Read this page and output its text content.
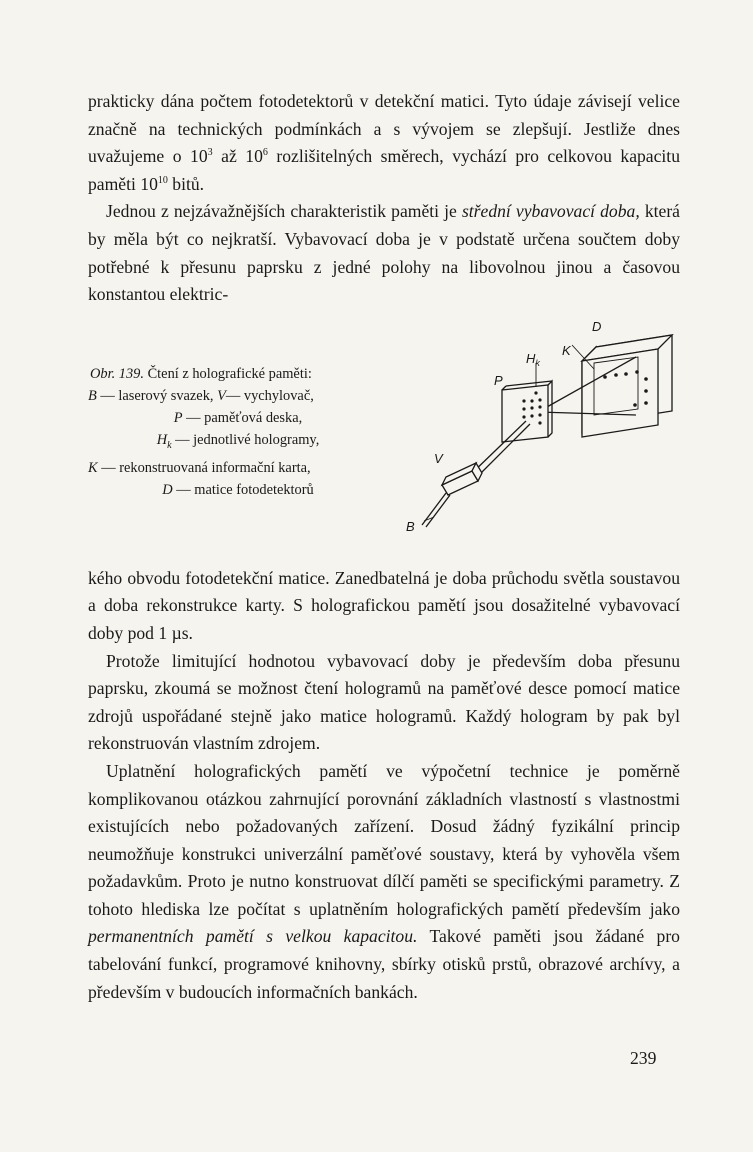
prakticky dána počtem fotodetektorů v detekční matici. Tyto údaje závisejí velice značně na technických podmínkách a s vývojem se zlepšují. Jestliže dnes uvažujeme o $10^3$ až $10^6$ rozlišitelných směrech, vychází pro celkovou kapacitu paměti $10^{10}$ bitů.

Jednou z nejzávažnějších charakteristik paměti je střední vybavovací doba, která by měla být co nejkratší. Vybavovací doba je v podstatě určena součtem doby potřebné k přesunu paprsku z jedné polohy na libovolnou jinou a časovou konstantou elektric-

Obr. 139. Čtení z holografické paměti:
B — laserový svazek, V— vychylovač,
P — paměťová deska,
$H_k$ — jednotlivé hologramy,
K — rekonstruovaná informační karta,
D — matice fotodetektorů
D
K
$H_k$
P
V
B

kého obvodu fotodetekční matice. Zanedbatelná je doba průchodu světla soustavou a doba rekonstrukce karty. S holografickou pamětí jsou dosažitelné vybavovací doby pod 1 µs.

Protože limitující hodnotou vybavovací doby je především doba přesunu paprsku, zkoumá se možnost čtení hologramů na paměťové desce pomocí matice zdrojů uspořádané stejně jako matice hologramů. Každý hologram by pak byl rekonstruován vlastním zdrojem.

Uplatnění holografických pamětí ve výpočetní technice je poměrně komplikovanou otázkou zahrnující porovnání základních vlastností s vlastnostmi existujících nebo požadovaných zařízení. Dosud žádný fyzikální princip neumožňuje konstrukci univerzální paměťové soustavy, která by vyhověla všem požadavkům. Proto je nutno konstruovat dílčí paměti se specifickými parametry. Z tohoto hlediska lze počítat s uplatněním holografických pamětí především jako permanentních pamětí s velkou kapacitou. Takové paměti jsou žádané pro tabelování funkcí, programové knihovny, sbírky otisků prstů, obrazové archívy, a především v budoucích informačních bankách.

239
